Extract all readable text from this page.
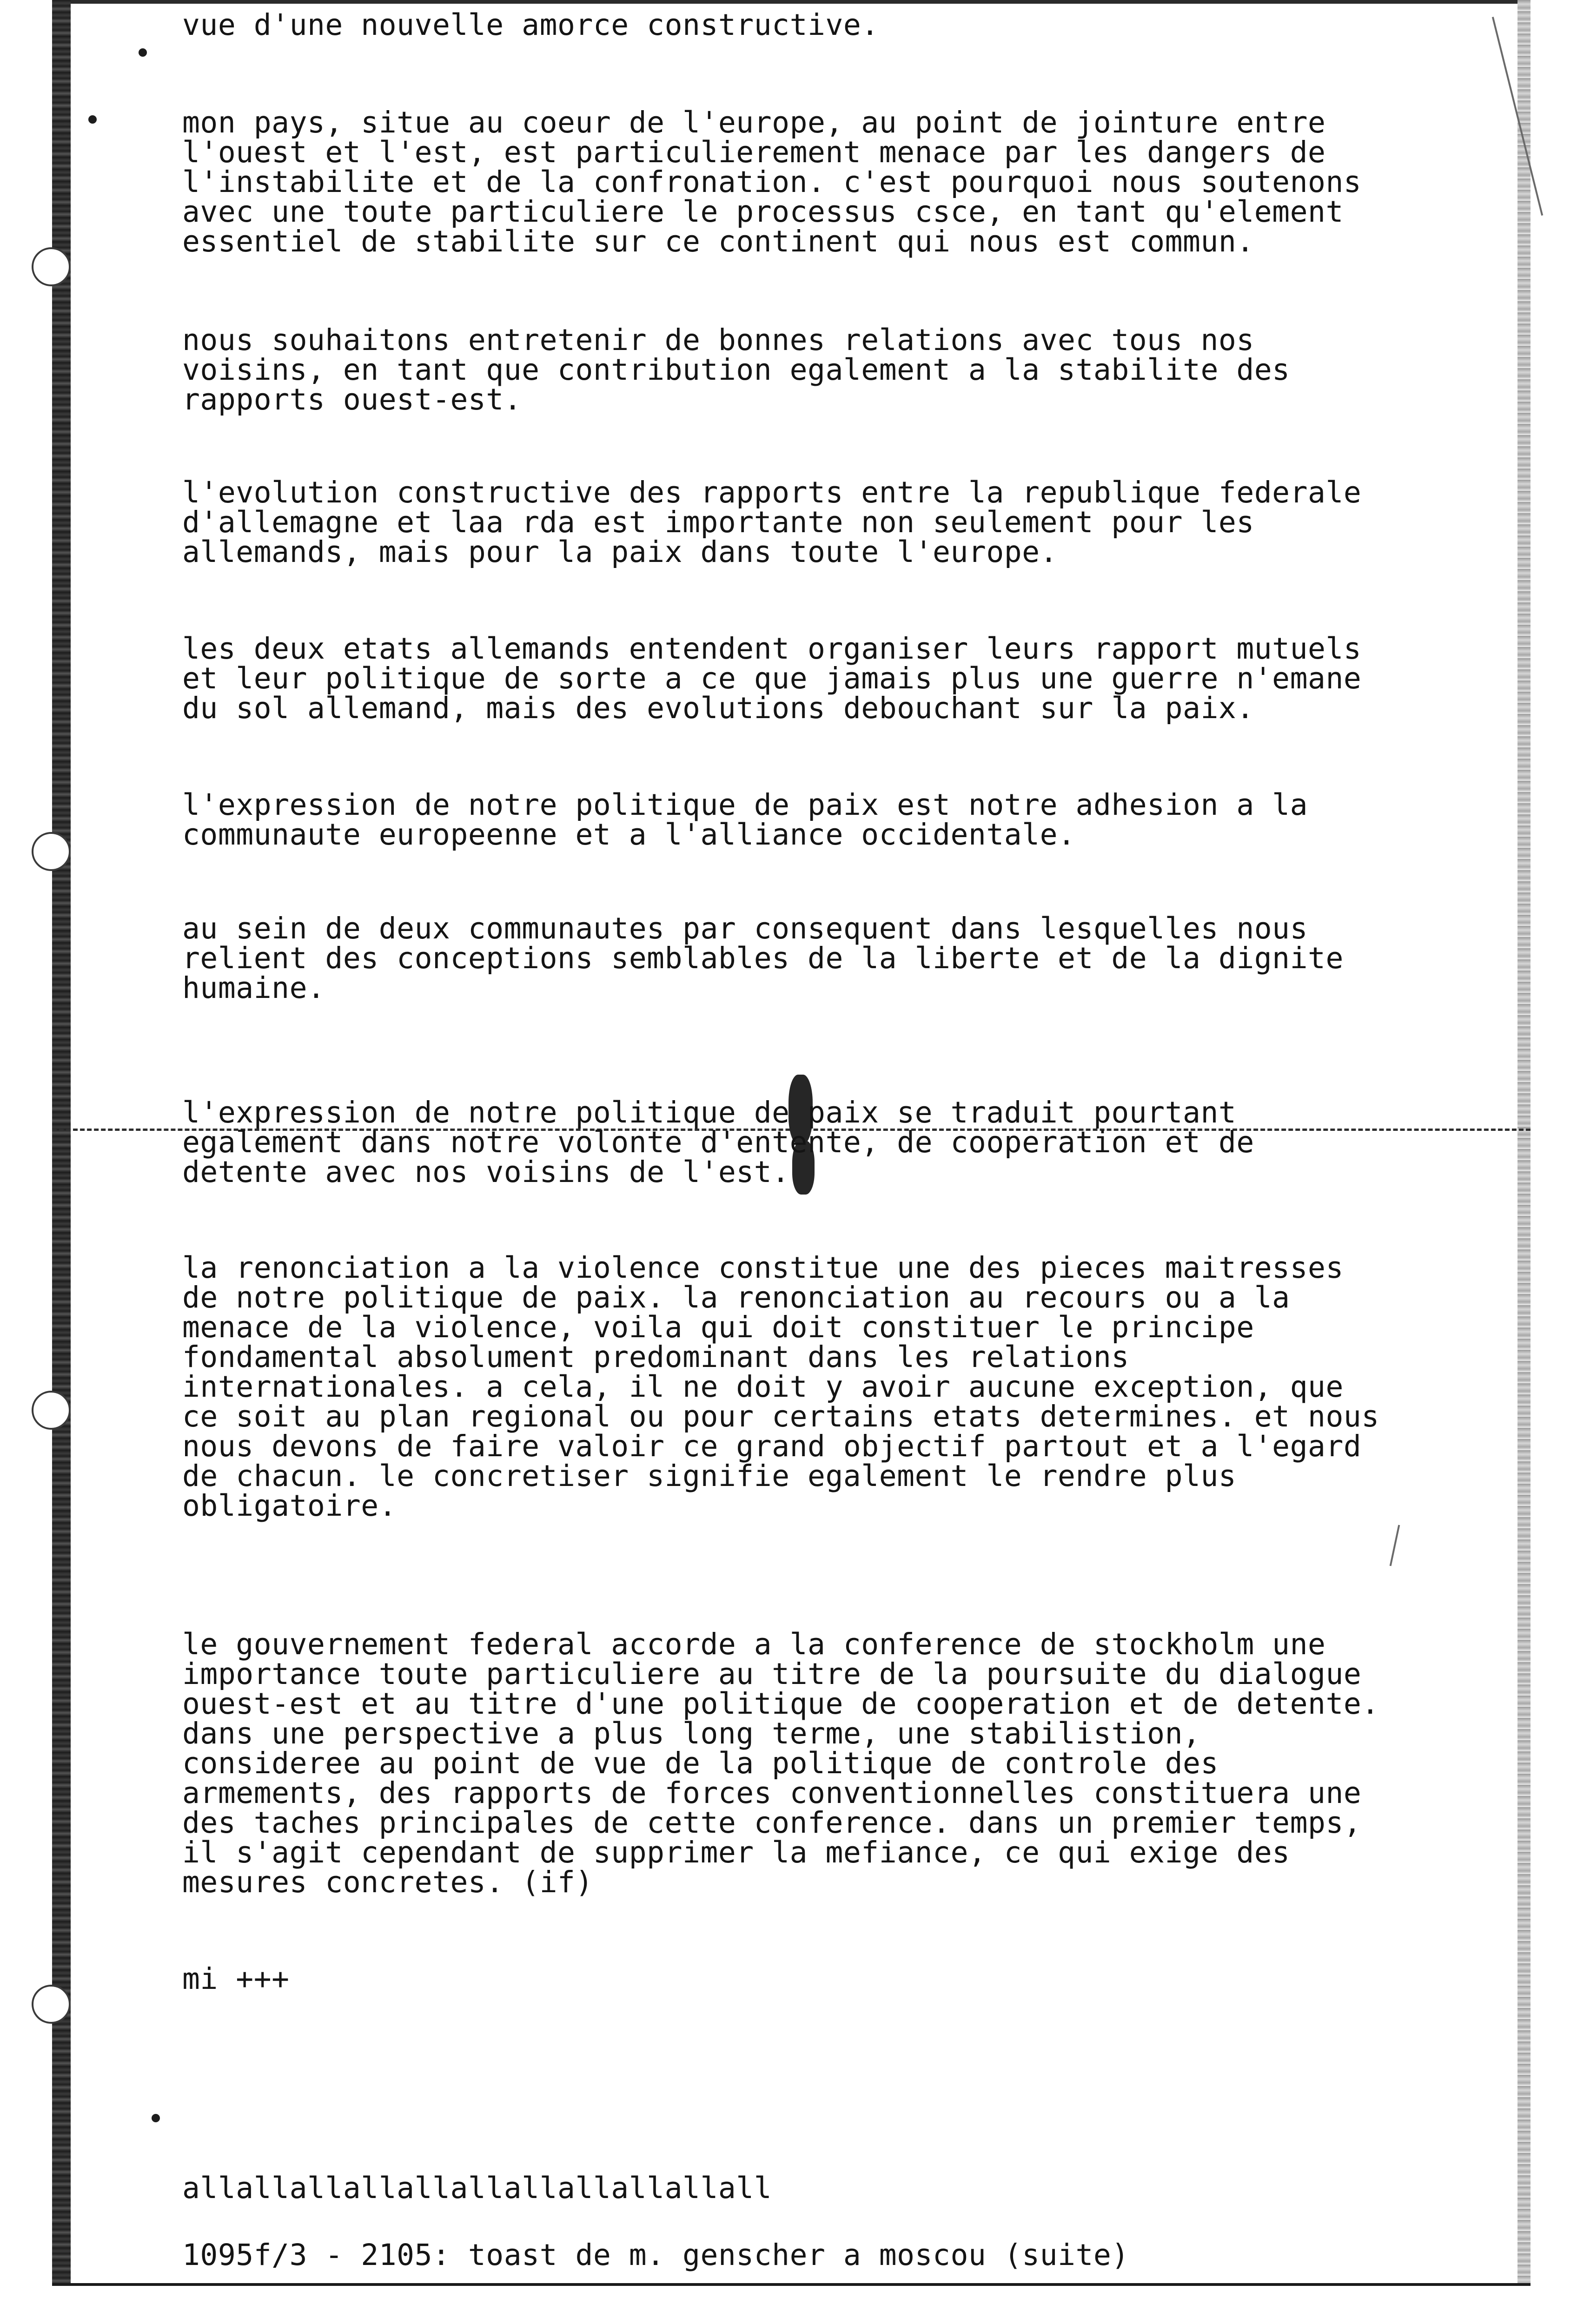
vue d'une nouvelle amorce constructive.

mon pays, situe au coeur de l'europe, au point de jointure entre
l'ouest et l'est, est particulierement menace par les dangers de
l'instabilite et de la confronation. c'est pourquoi nous soutenons
avec une toute particuliere le processus csce, en tant qu'element
essentiel de stabilite sur ce continent qui nous est commun.

nous souhaitons entretenir de bonnes relations avec tous nos
voisins, en tant que contribution egalement a la stabilite des
rapports ouest-est.

l'evolution constructive des rapports entre la republique federale
d'allemagne et laa rda est importante non seulement pour les
allemands, mais pour la paix dans toute l'europe.

les deux etats allemands entendent organiser leurs rapport mutuels
et leur politique de sorte a ce que jamais plus une guerre n'emane
du sol allemand, mais des evolutions debouchant sur la paix.

l'expression de notre politique de paix est notre adhesion a la
communaute europeenne et a l'alliance occidentale.

au sein de deux communautes par consequent dans lesquelles nous
relient des conceptions semblables de la liberte et de la dignite
humaine.

l'expression de notre politique de paix se traduit pourtant
egalement dans notre volonte d'entente, de cooperation et de
detente avec nos voisins de l'est.

la renonciation a la violence constitue une des pieces maitresses
de notre politique de paix. la renonciation au recours ou a la
menace de la violence, voila qui doit constituer le principe
fondamental absolument predominant dans les relations
internationales. a cela, il ne doit y avoir aucune exception, que
ce soit au plan regional ou pour certains etats determines. et nous
nous devons de faire valoir ce grand objectif partout et a l'egard
de chacun. le concretiser signifie egalement le rendre plus
obligatoire.

le gouvernement federal accorde a la conference de stockholm une
importance toute particuliere au titre de la poursuite du dialogue
ouest-est et au titre d'une politique de cooperation et de detente.
dans une perspective a plus long terme, une stabilistion,
consideree au point de vue de la politique de controle des
armements, des rapports de forces conventionnelles constituera une
des taches principales de cette conference. dans un premier temps,
il s'agit cependant de supprimer la mefiance, ce qui exige des
mesures concretes. (if)

mi +++

allallallallallallallallallallall

1095f/3 - 2105: toast de m. genscher a moscou (suite)
